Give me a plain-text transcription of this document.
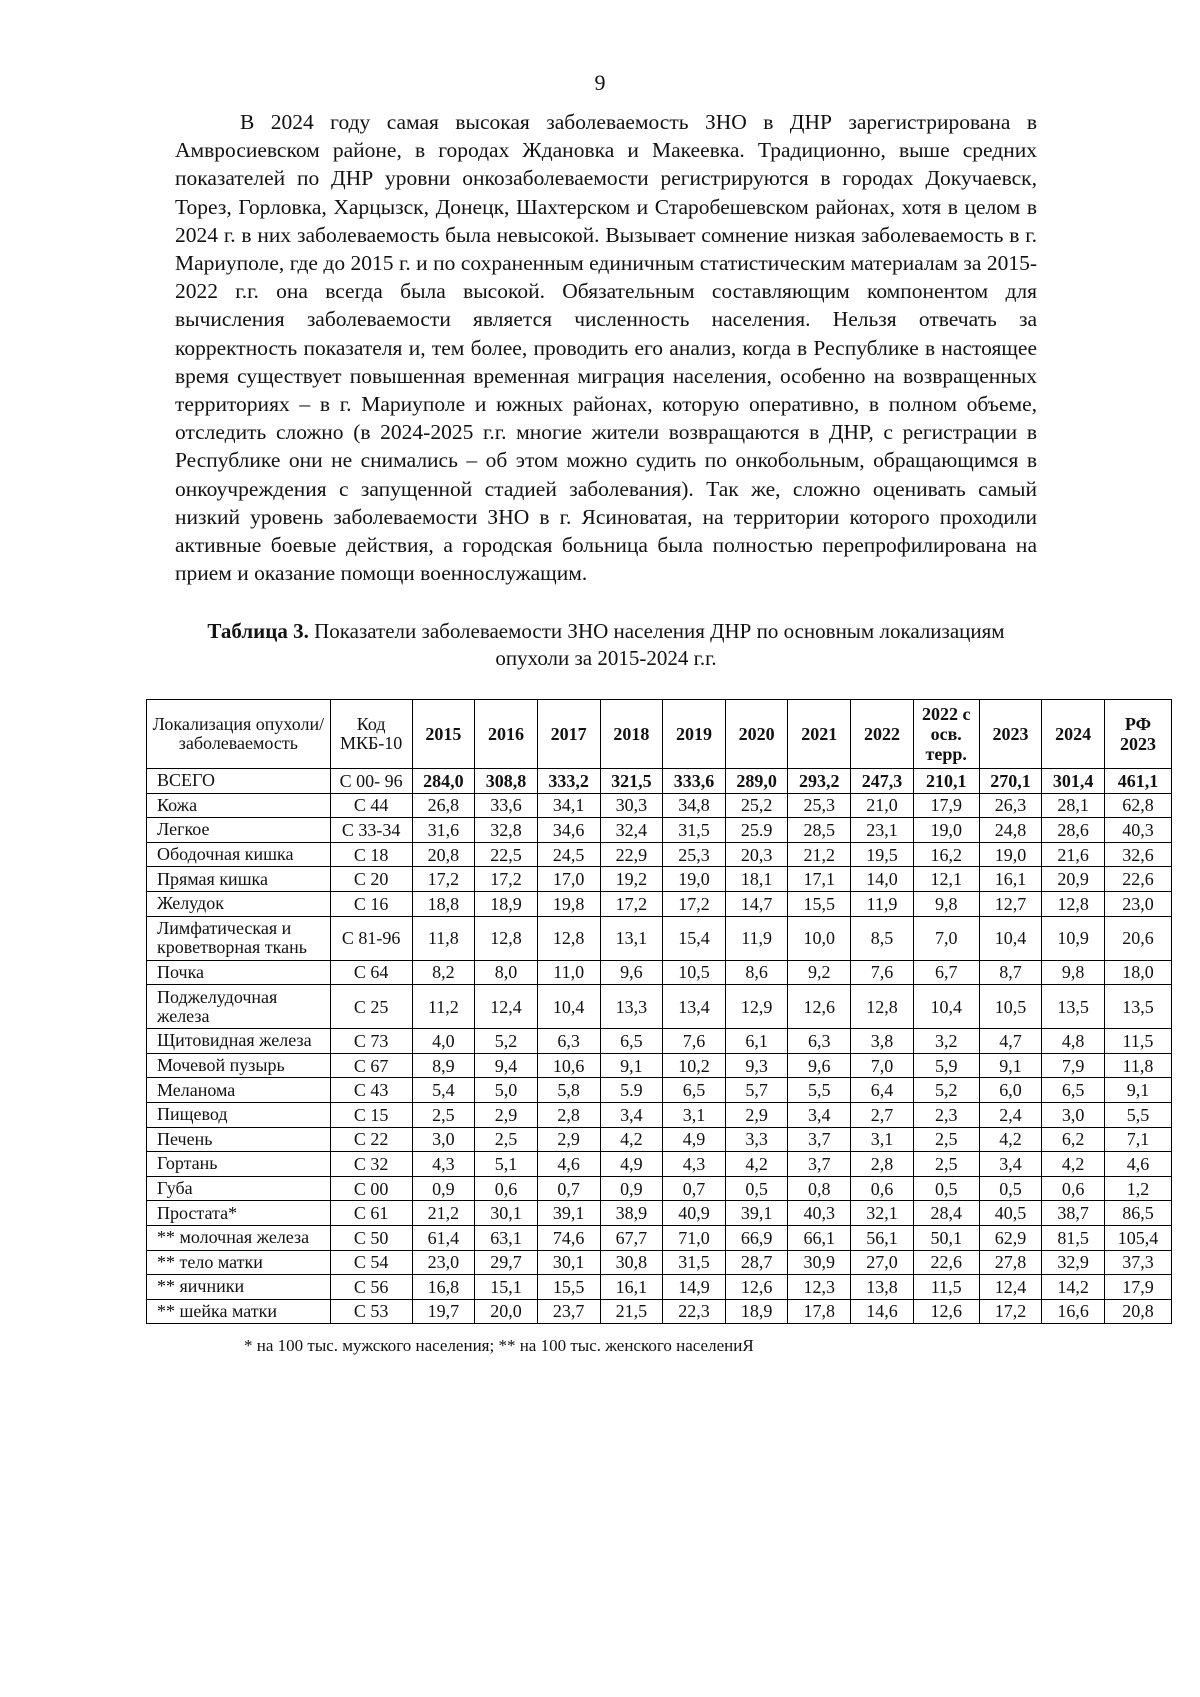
9

В 2024 году самая высокая заболеваемость ЗНО в ДНР зарегистрирована в Амвросиевском районе, в городах Ждановка и Макеевка. Традиционно, выше средних показателей по ДНР уровни онкозаболеваемости регистрируются в городах Докучаевск, Торез, Горловка, Харцызск, Донецк, Шахтерском и Старобешевском районах, хотя в целом в 2024 г. в них заболеваемость была невысокой. Вызывает сомнение низкая заболеваемость в г. Мариуполе, где до 2015 г. и по сохраненным единичным статистическим материалам за 2015-2022 г.г. она всегда была высокой. Обязательным составляющим компонентом для вычисления заболеваемости является численность населения. Нельзя отвечать за корректность показателя и, тем более, проводить его анализ, когда в Республике в настоящее время существует повышенная временная миграция населения, особенно на возвращенных территориях – в г. Мариуполе и южных районах, которую оперативно, в полном объеме, отследить сложно (в 2024-2025 г.г. многие жители возвращаются в ДНР, с регистрации в Республике они не снимались – об этом можно судить по онкобольным, обращающимся в онкоучреждения с запущенной стадией заболевания). Так же, сложно оценивать самый низкий уровень заболеваемости ЗНО в г. Ясиноватая, на территории которого проходили активные боевые действия, а городская больница была полностью перепрофилирована на прием и оказание помощи военнослужащим.

Таблица 3. Показатели заболеваемости ЗНО населения ДНР по основным локализациям опухоли за 2015-2024 г.г.
Локализация опухоли/ заболеваемость	Код МКБ-10	2015	2016	2017	2018	2019	2020	2021	2022	2022 с осв. терр.	2023	2024	РФ 2023
ВСЕГО	С 00- 96	284,0	308,8	333,2	321,5	333,6	289,0	293,2	247,3	210,1	270,1	301,4	461,1
Кожа	С 44	26,8	33,6	34,1	30,3	34,8	25,2	25,3	21,0	17,9	26,3	28,1	62,8
Легкое	С 33-34	31,6	32,8	34,6	32,4	31,5	25.9	28,5	23,1	19,0	24,8	28,6	40,3
Ободочная кишка	С 18	20,8	22,5	24,5	22,9	25,3	20,3	21,2	19,5	16,2	19,0	21,6	32,6
Прямая кишка	С 20	17,2	17,2	17,0	19,2	19,0	18,1	17,1	14,0	12,1	16,1	20,9	22,6
Желудок	С 16	18,8	18,9	19,8	17,2	17,2	14,7	15,5	11,9	9,8	12,7	12,8	23,0
Лимфатическая и кроветворная ткань	С 81-96	11,8	12,8	12,8	13,1	15,4	11,9	10,0	8,5	7,0	10,4	10,9	20,6
Почка	С 64	8,2	8,0	11,0	9,6	10,5	8,6	9,2	7,6	6,7	8,7	9,8	18,0
Поджелудочная железа	С 25	11,2	12,4	10,4	13,3	13,4	12,9	12,6	12,8	10,4	10,5	13,5	13,5
Щитовидная железа	С 73	4,0	5,2	6,3	6,5	7,6	6,1	6,3	3,8	3,2	4,7	4,8	11,5
Мочевой пузырь	С 67	8,9	9,4	10,6	9,1	10,2	9,3	9,6	7,0	5,9	9,1	7,9	11,8
Меланома	С 43	5,4	5,0	5,8	5.9	6,5	5,7	5,5	6,4	5,2	6,0	6,5	9,1
Пищевод	С 15	2,5	2,9	2,8	3,4	3,1	2,9	3,4	2,7	2,3	2,4	3,0	5,5
Печень	С 22	3,0	2,5	2,9	4,2	4,9	3,3	3,7	3,1	2,5	4,2	6,2	7,1
Гортань	С 32	4,3	5,1	4,6	4,9	4,3	4,2	3,7	2,8	2,5	3,4	4,2	4,6
Губа	С 00	0,9	0,6	0,7	0,9	0,7	0,5	0,8	0,6	0,5	0,5	0,6	1,2
Простата*	С 61	21,2	30,1	39,1	38,9	40,9	39,1	40,3	32,1	28,4	40,5	38,7	86,5
** молочная железа	С 50	61,4	63,1	74,6	67,7	71,0	66,9	66,1	56,1	50,1	62,9	81,5	105,4
** тело матки	С 54	23,0	29,7	30,1	30,8	31,5	28,7	30,9	27,0	22,6	27,8	32,9	37,3
** яичники	С 56	16,8	15,1	15,5	16,1	14,9	12,6	12,3	13,8	11,5	12,4	14,2	17,9
** шейка матки	С 53	19,7	20,0	23,7	21,5	22,3	18,9	17,8	14,6	12,6	17,2	16,6	20,8
* на 100 тыс. мужского населения; ** на 100 тыс. женского населениЯ
